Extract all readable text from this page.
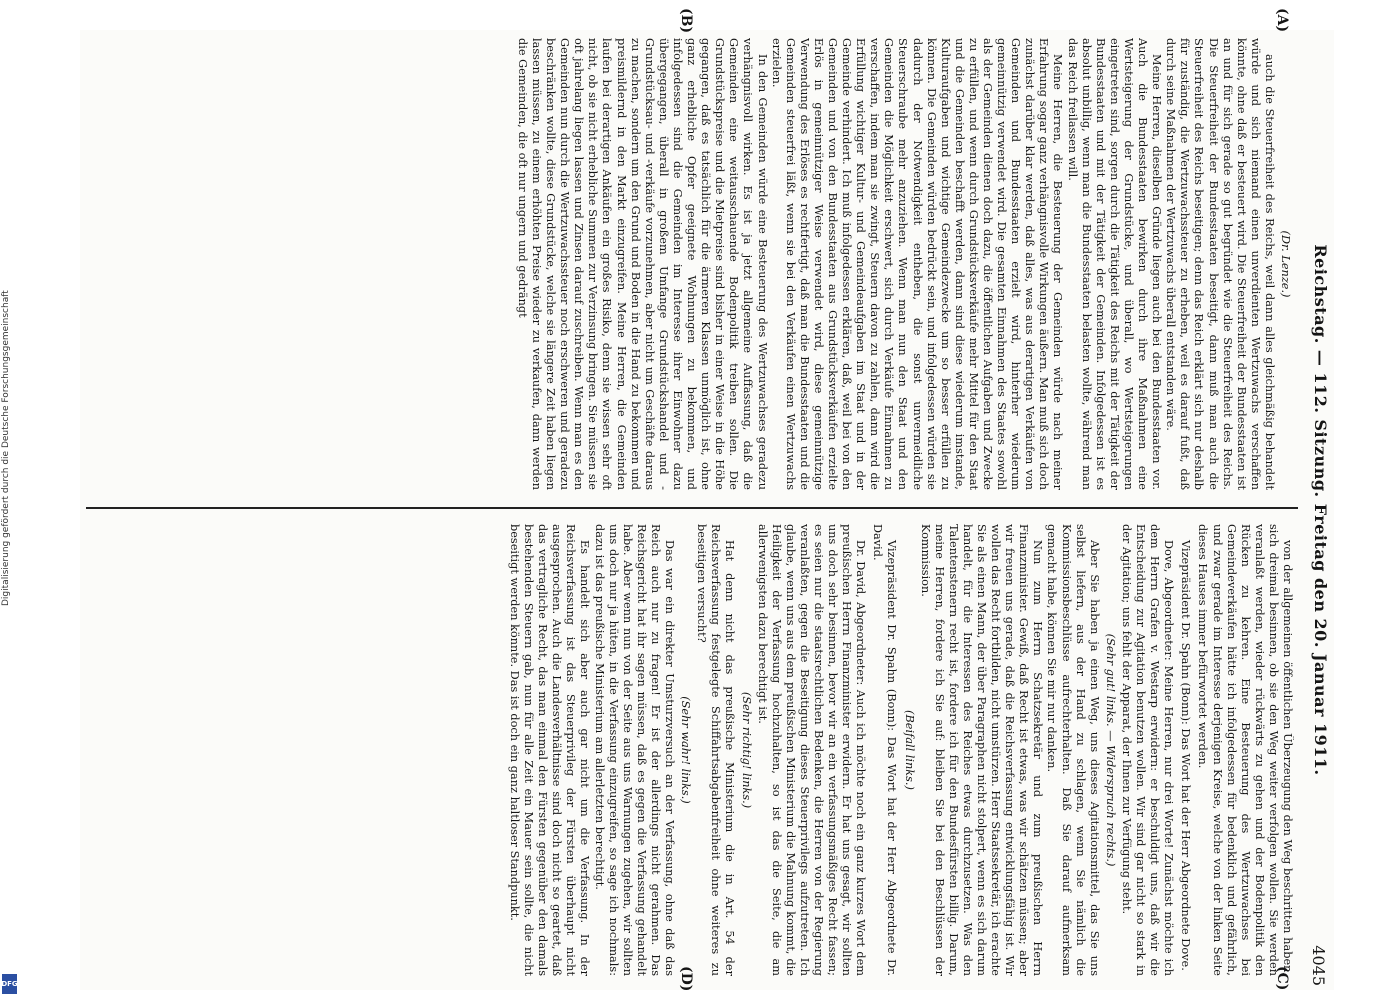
Reichstag. — 112. Sitzung. Freitag den 20. Januar 1911.
4045

(Dr. Lenze.)

auch die Steuerfreiheit des Reichs, weil dann alles gleichmäßig behandelt würde und sich niemand einen unverdienten Wertzuwachs verschaffen könnte, ohne daß er besteuert wird. Die Steuerfreiheit der Bundesstaaten ist an und für sich gerade so gut begründet wie die Steuerfreiheit des Reichs. Die Steuerfreiheit der Bundesstaaten beseitigt, dann muß man auch die Steuerfreiheit des Reichs beseitigen; denn das Reich erklärt sich nur deshalb für zuständig, die Wertzuwachssteuer zu erheben, weil es darauf fußt, daß durch seine Maßnahmen der Wertzuwachs überall entstanden wäre.

Meine Herren, dieselben Gründe liegen auch bei den Bundesstaaten vor. Auch die Bundesstaaten bewirken durch ihre Maßnahmen eine Wertsteigerung der Grundstücke, und überall, wo Wertsteigerungen eingetreten sind, sorgen durch die Tätigkeit des Reichs mit der Tätigkeit der Bundesstaaten und mit der Tätigkeit der Gemeinden. Infolgedessen ist es absolut unbillig, wenn man die Bundesstaaten belasten wollte, während man das Reich freilassen will.

Meine Herren, die Besteuerung der Gemeinden würde nach meiner Erfahrung sogar ganz verhängnisvolle Wirkungen äußern. Man muß sich doch zunächst darüber klar werden, daß alles, was aus derartigen Verkäufen von Gemeinden und Bundesstaaten erzielt wird, hinterher wiederum gemeinnützig verwendet wird. Die gesamten Einnahmen des Staates sowohl als der Gemeinden dienen doch dazu, die öffentlichen Aufgaben und Zwecke zu erfüllen, und wenn durch Grundstücksverkäufe mehr Mittel für den Staat und die Gemeinden beschafft werden, dann sind diese wiederum imstande, Kulturaufgaben und wichtige Gemeindezwecke um so besser erfüllen zu können. Die Gemeinden würden bedrückt sein, und infolgedessen würden sie dadurch der Notwendigkeit entheben, die sonst unvermeidliche Steuerschraube mehr anzuziehen. Wenn man nun den Staat und den Gemeinden die Möglichkeit erschwert, sich durch Verkäufe Einnahmen zu verschaffen, indem man sie zwingt, Steuern davon zu zahlen, dann wird die Erfüllung wichtiger Kultur- und Gemeindeaufgaben im Staat und in der Gemeinde verhindert. Ich muß infolgedessen erklären, daß, weil bei von den Gemeinden und von den Bundesstaaten aus Grundstücksverkäufen erzielte Erlös in gemeinnütziger Weise verwendet wird, diese gemeinnützige Verwendung des Erlöses es rechtfertigt, daß man die Bundesstaaten und die Gemeinden steuerfrei läßt, wenn sie bei den Verkäufen einen Wertzuwachs erzielen.

In den Gemeinden würde eine Besteuerung des Wertzuwachses geradezu verhängnisvoll wirken. Es ist ja jetzt allgemeine Auffassung, daß die Gemeinden eine weitausschauende Bodenpolitik treiben sollen. Die Grundstückspreise und die Mietpreise sind bisher in einer Weise in die Höhe gegangen, daß es tatsächlich für die ärmeren Klassen unmöglich ist, ohne ganz erhebliche Opfer geeignete Wohnungen zu bekommen, und infolgedessen sind die Gemeinden im Interesse ihrer Einwohner dazu übergegangen, überall in großem Umfange Grundstückshandel und -Grundstücksau- und -verkäufe vorzunehmen, aber nicht um Geschäfte daraus zu machen, sondern um den Grund und Boden in die Hand zu bekommen und preismildernd in den Markt einzugreifen. Meine Herren, die Gemeinden laufen bei derartigen Ankäufen ein großes Risiko, denn sie wissen sehr oft nicht, ob sie nicht erhebliche Summen zur Verzinsung bringen. Sie müssen sie oft jahrelang liegen lassen und Zinsen darauf zuschreiben. Wenn man es den Gemeinden nun durch die Wertzuwachssteuer noch erschweren und geradezu beschränken wollte, diese Grundstücke, welche sie längere Zeit haben liegen lassen müssen, zu einem erhöhten Preise wieder zu verkaufen, dann werden die Gemeinden, die oft nur ungern und gedrängt

von der allgemeinen öffentlichen Überzeugung den Weg beschritten haben, sich dreimal besinnen, ob sie den Weg weiter verfolgen wollen. Sie werden veranlaßt werden, wieder rückwärts zu gehen und der Bodenpolitik den Rücken zu kehren. Eine Besteuerung des Wertzuwachses bei Gemeindeverkäufen hätte ich infolgedessen für bedenklich und gefährlich, und zwar gerade im Interesse derjenigen Kreise, welche von der linken Seite dieses Hauses immer befürwortet werden.

Vizepräsident Dr. Spahn (Bonn): Das Wort hat der Herr Abgeordnete Dove.

Dove, Abgeordneter: Meine Herren, nur drei Worte! Zunächst möchte ich dem Herrn Grafen v. Westarp erwidern: er beschuldigt uns, daß wir die Entscheidung zur Agitation benutzen wollen. Wir sind gar nicht so stark in der Agitation; uns fehlt der Apparat, der Ihnen zur Verfügung steht.

(Sehr gut! links. — Widerspruch rechts.)

Aber Sie haben ja einen Weg, uns dieses Agitationsmittel, das Sie uns selbst liefern, aus der Hand zu schlagen, wenn Sie nämlich die Kommissionsbeschlüsse aufrechterhalten. Daß Sie darauf aufmerksam gemacht habe, können Sie mir nur danken.

Nun zum Herrn Schatzsekretär und zum preußischen Herrn Finanzminister. Gewiß, daß Recht ist etwas, was wir schätzen müssen; aber wir freuen uns gerade, daß die Reichsverfassung entwicklungsfähig ist. Wir wollen das Recht fortbilden, nicht umstürzen. Herr Staatssekretär, ich erachte Sie als einen Mann, der über Paragraphen nicht stolpert, wenn es sich darum handelt, für die Interessen des Reiches etwas durchzusetzen. Was den Talentenstenern recht ist, fordere ich für den Bundesfürsten billig. Darum, meine Herren, fordere ich Sie auf: bleiben Sie bei den Beschlüssen der Kommission.

(Beifall links.)

Vizepräsident Dr. Spahn (Bonn): Das Wort hat der Herr Abgeordnete Dr. David.

Dr. David, Abgeordneter: Auch ich möchte noch ein ganz kurzes Wort dem preußischen Herrn Finanzminister erwidern. Er hat uns gesagt, wir sollten uns doch sehr besinnen, bevor wir an ein verfassungsmäßiges Recht fassen; es seien nur die staatsrechtlichen Bedenken, die Herren von der Regierung veranlaßten, gegen die Beseitigung dieses Steuerprivilegs aufzutreten. Ich glaube, wenn uns aus dem preußischen Ministerium die Mahnung kommt, die Heiligkeit der Verfassung hochzuhalten, so ist das die Seite, die am allerwenigsten dazu berechtigt ist.

(Sehr richtig! links.)

Hat denn nicht das preußische Ministerium die in Art. 54 der Reichsverfassung festgelegte Schiffahrtsabgabenfreiheit ohne weiteres zu beseitigen versucht?

(Sehr wahr! links.)

Das war ein direkter Umsturzversuch an der Verfassung, ohne daß das Reich auch nur zu fragen! Er ist der allerdings nicht gerahmen. Das Reichsgericht hat ihr sagen müssen, daß es gegen die Verfassung gehandelt habe. Aber wenn nun von der Seite aus uns Warnungen zugehen, wir sollten uns doch nur ja hüten, in die Verfassung einzugreifen, so sage ich nochmals: dazu ist das preußische Ministerium am allerletzten berechtigt.

Es handelt sich aber auch gar nicht um die Verfassung. In der Reichsverfassung ist das Steuerprivileg der Fürsten überhaupt nicht ausgesprochen. Auch die Landesverhältnisse sind doch nicht so geartet, daß das vertragliche Recht, das man einmal den Fürsten gegenüber den damals bestehenden Steuern gab, nun für alle Zeit ein Mauer sein sollte, die nicht beseitigt werden könnte. Das ist doch ein ganz haltloser Standpunkt.

(A)
(B)
(C)
(D)
Digitalisierung gefördert durch die Deutsche Forschungsgemeinschaft
DFG
